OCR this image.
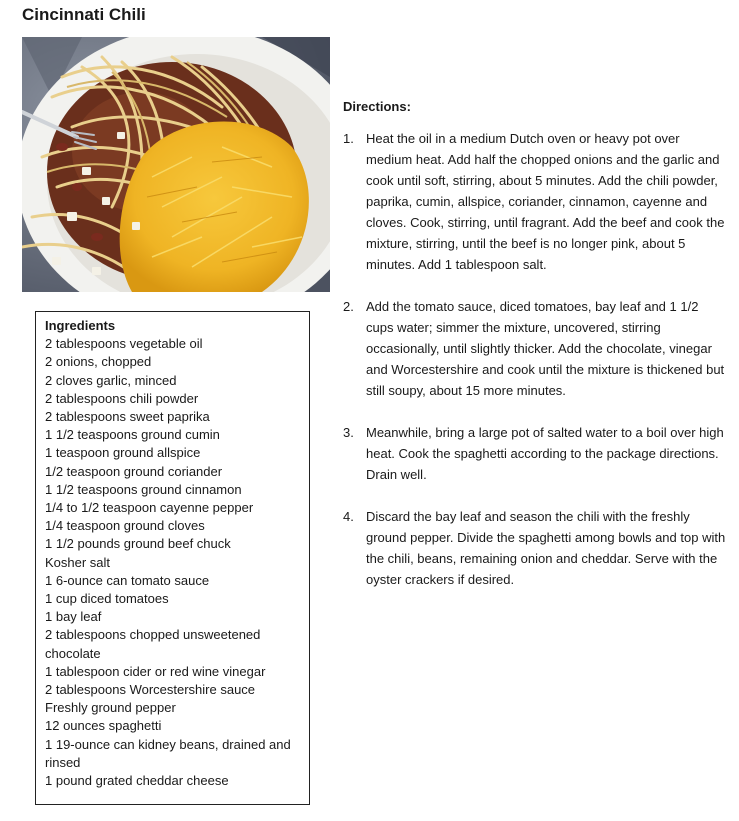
Cincinnati Chili

Ingredients

2 tablespoons vegetable oil
2 onions, chopped
2 cloves garlic, minced
2 tablespoons chili powder
2 tablespoons sweet paprika
1 1/2 teaspoons ground cumin
1 teaspoon ground allspice
1/2 teaspoon ground coriander
1 1/2 teaspoons ground cinnamon
1/4 to 1/2 teaspoon cayenne pepper
1/4 teaspoon ground cloves
1 1/2 pounds ground beef chuck
Kosher salt
1 6-ounce can tomato sauce
1 cup diced tomatoes
1 bay leaf
2 tablespoons chopped unsweetened chocolate
1 tablespoon cider or red wine vinegar
2 tablespoons Worcestershire sauce
Freshly ground pepper
12 ounces spaghetti
1 19-ounce can kidney beans, drained and rinsed
1 pound grated cheddar cheese

Directions:

1. Heat the oil in a medium Dutch oven or heavy pot over medium heat. Add half the chopped onions and the garlic and cook until soft, stirring, about 5 minutes. Add the chili powder, paprika, cumin, allspice, coriander, cinnamon, cayenne and cloves. Cook, stirring, until fragrant. Add the beef and cook the mixture, stirring, until the beef is no longer pink, about 5 minutes. Add 1 tablespoon salt.
2. Add the tomato sauce, diced tomatoes, bay leaf and 1 1/2 cups water; simmer the mixture, uncovered, stirring occasionally, until slightly thicker. Add the chocolate, vinegar and Worcestershire and cook until the mixture is thickened but still soupy, about 15 more minutes.
3. Meanwhile, bring a large pot of salted water to a boil over high heat. Cook the spaghetti according to the package directions. Drain well.
4. Discard the bay leaf and season the chili with the freshly ground pepper. Divide the spaghetti among bowls and top with the chili, beans, remaining onion and cheddar. Serve with the oyster crackers if desired.
